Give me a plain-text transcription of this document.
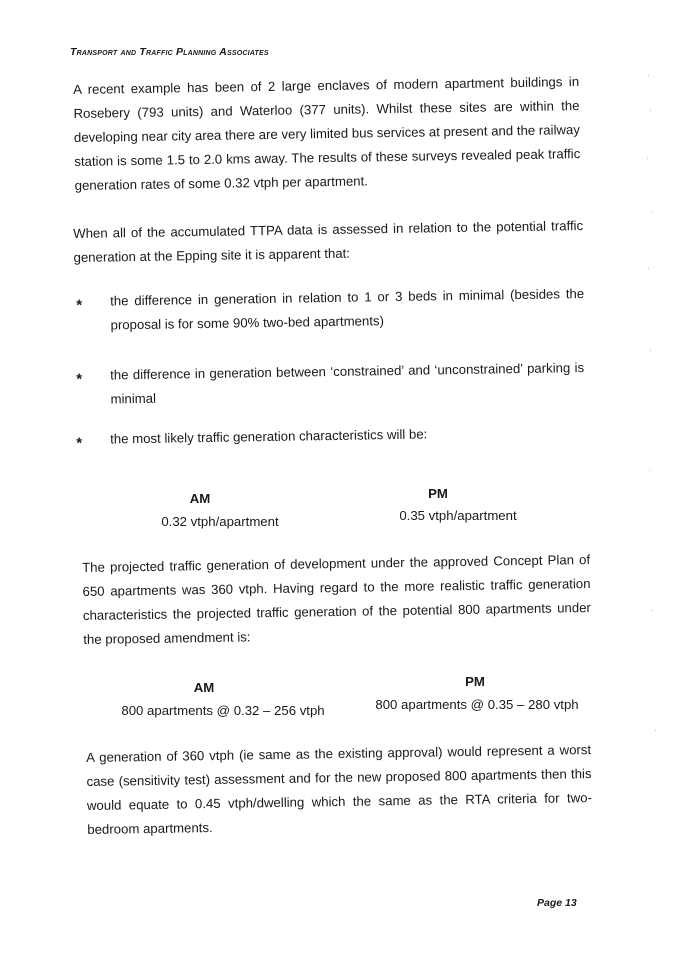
Transport and Traffic Planning Associates

A recent example has been of 2 large enclaves of modern apartment buildings in Rosebery (793 units) and Waterloo (377 units). Whilst these sites are within the developing near city area there are very limited bus services at present and the railway station is some 1.5 to 2.0 kms away. The results of these surveys revealed peak traffic generation rates of some 0.32 vtph per apartment.

When all of the accumulated TTPA data is assessed in relation to the potential traffic generation at the Epping site it is apparent that:

* the difference in generation in relation to 1 or 3 beds in minimal (besides the proposal is for some 90% two-bed apartments)
* the difference in generation between ‘constrained’ and ‘unconstrained’ parking is minimal
* the most likely traffic generation characteristics will be:
AM	PM
0.32 vtph/apartment	0.35 vtph/apartment

The projected traffic generation of development under the approved Concept Plan of 650 apartments was 360 vtph. Having regard to the more realistic traffic generation characteristics the projected traffic generation of the potential 800 apartments under the proposed amendment is:

AM	PM
800 apartments @ 0.32 – 256 vtph	800 apartments @ 0.35 – 280 vtph

A generation of 360 vtph (ie same as the existing approval) would represent a worst case (sensitivity test) assessment and for the new proposed 800 apartments then this would equate to 0.45 vtph/dwelling which the same as the RTA criteria for two-bedroom apartments.

Page 13
